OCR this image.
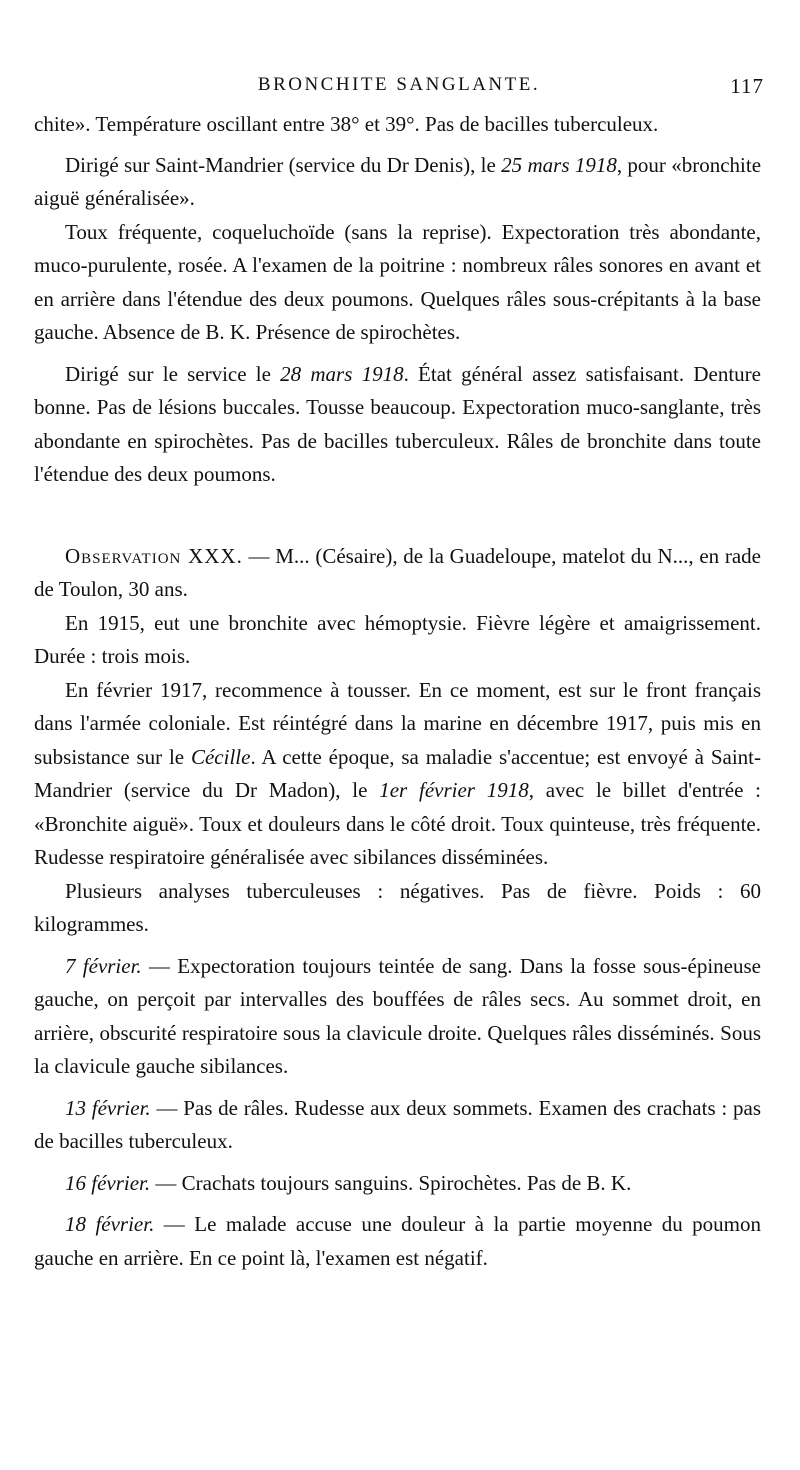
BRONCHITE SANGLANTE.	117

chite». Température oscillant entre 38° et 39°. Pas de bacilles tuberculeux.

Dirigé sur Saint-Mandrier (service du Dr Denis), le 25 mars 1918, pour «bronchite aiguë généralisée».

Toux fréquente, coqueluchoïde (sans la reprise). Expectoration très abondante, muco-purulente, rosée. A l'examen de la poitrine : nombreux râles sonores en avant et en arrière dans l'étendue des deux poumons. Quelques râles sous-crépitants à la base gauche. Absence de B. K. Présence de spirochètes.

Dirigé sur le service le 28 mars 1918. État général assez satisfaisant. Denture bonne. Pas de lésions buccales. Tousse beaucoup. Expectoration muco-sanglante, très abondante en spirochètes. Pas de bacilles tuberculeux. Râles de bronchite dans toute l'étendue des deux poumons.

Observation XXX. — M... (Césaire), de la Guadeloupe, matelot du N..., en rade de Toulon, 30 ans.

En 1915, eut une bronchite avec hémoptysie. Fièvre légère et amaigrissement. Durée : trois mois.

En février 1917, recommence à tousser. En ce moment, est sur le front français dans l'armée coloniale. Est réintégré dans la marine en décembre 1917, puis mis en subsistance sur le Cécille. A cette époque, sa maladie s'accentue; est envoyé à Saint-Mandrier (service du Dr Madon), le 1er février 1918, avec le billet d'entrée : «Bronchite aiguë». Toux et douleurs dans le côté droit. Toux quinteuse, très fréquente. Rudesse respiratoire généralisée avec sibilances disséminées.

Plusieurs analyses tuberculeuses : négatives. Pas de fièvre. Poids : 60 kilogrammes.

7 février. — Expectoration toujours teintée de sang. Dans la fosse sous-épineuse gauche, on perçoit par intervalles des bouffées de râles secs. Au sommet droit, en arrière, obscurité respiratoire sous la clavicule droite. Quelques râles disséminés. Sous la clavicule gauche sibilances.

13 février. — Pas de râles. Rudesse aux deux sommets. Examen des crachats : pas de bacilles tuberculeux.

16 février. — Crachats toujours sanguins. Spirochètes. Pas de B. K.

18 février. — Le malade accuse une douleur à la partie moyenne du poumon gauche en arrière. En ce point là, l'examen est négatif.
